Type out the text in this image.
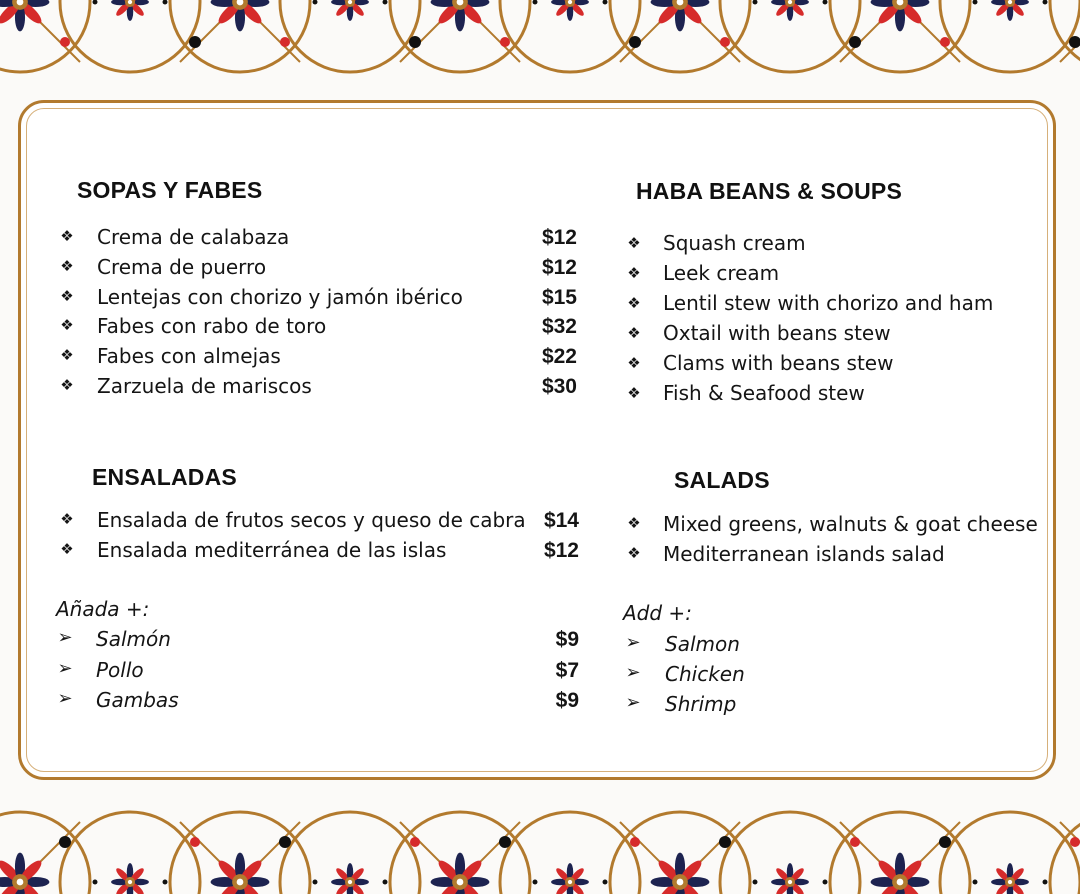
SOPAS Y FABES
❖ Crema de calabaza	$12
❖ Crema de puerro	$12
❖ Lentejas con chorizo y jamón ibérico	$15
❖ Fabes con rabo de toro	$32
❖ Fabes con almejas	$22
❖ Zarzuela de mariscos	$30
ENSALADAS
❖ Ensalada de frutos secos y queso de cabra $14
❖ Ensalada mediterránea de las islas	$12
Añada +:
➢ Salmón	$9
➢ Pollo	$7
➢ Gambas	$9
HABA BEANS & SOUPS
❖ Squash cream
❖ Leek cream
❖ Lentil stew with chorizo and ham
❖ Oxtail with beans stew
❖ Clams with beans stew
❖ Fish & Seafood stew
SALADS
❖ Mixed greens, walnuts & goat cheese
❖ Mediterranean islands salad
Add +:
➢ Salmon
➢ Chicken
➢ Shrimp
